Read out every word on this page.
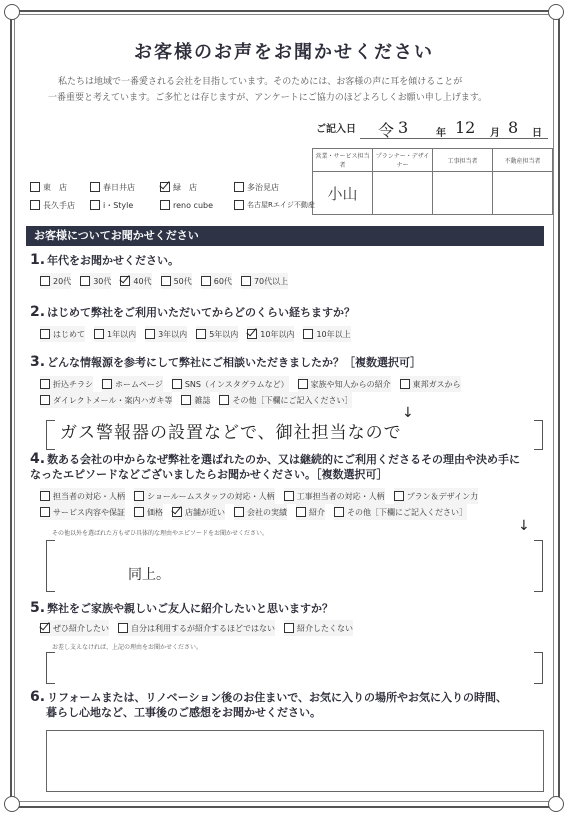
お客様のお声をお聞かせください
私たちは地域で一番愛される会社を目指しています。そのためには、お客様の声に耳を傾けることが
一番重要と考えています。ご多忙とは存じますが、アンケートにご協力のほどよろしくお願い申し上げます。
ご記入日 令 3	年 12 月 8 日
営業・サービス担当者	プランナー・デザイナー	工事担当者	不動産担当者
小山			
東　店	春日井店	緑　店	多治見店
長久手店	i・Style	reno cube	名古屋Rエイジ不動産
お客様についてお聞かせください
1. 年代をお聞かせください。
20代	30代	40代	50代	60代	70代以上
2. はじめて弊社をご利用いただいてからどのくらい経ちますか？
はじめて	1年以内	3年以内	5年以内	10年以内	10年以上
3. どんな情報源を参考にして弊社にご相談いただきましたか？［複数選択可］
折込チラシ	ホームページ	SNS（インスタグラムなど）	家族や知人からの紹介	東邦ガスから
ダイレクトメール・案内ハガキ等	雑誌	その他［下欄にご記入ください］
↓
ガス警報器の設置などで、御社担当なので
4. 数ある会社の中からなぜ弊社を選ばれたのか、又は継続的にご利用くださるその理由や決め手に
なったエピソードなどございましたらお聞かせください。［複数選択可］
担当者の対応・人柄	ショールームスタッフの対応・人柄	工事担当者の対応・人柄	プラン＆デザイン力
サービス内容や保証	価格	店舗が近い	会社の実績	紹介	その他［下欄にご記入ください］
↓
その他以外を選ばれた方もぜひ具体的な理由やエピソードをお聞かせください。
同上。
5. 弊社をご家族や親しいご友人に紹介したいと思いますか？
ぜひ紹介したい	自分は利用するが紹介するほどではない	紹介したくない
お差し支えなければ、上記の理由をお聞かせください。
6. リフォームまたは、リノベーション後のお住まいで、お気に入りの場所やお気に入りの時間、
暮らし心地など、工事後のご感想をお聞かせください。
